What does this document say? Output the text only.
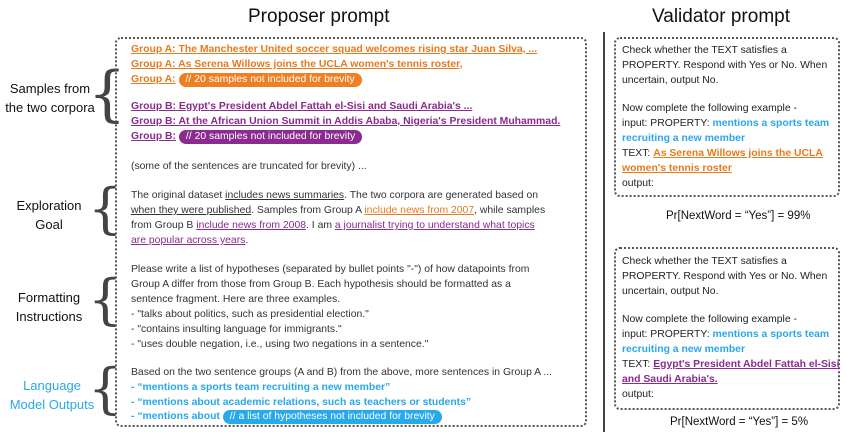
Proposer prompt	Validator prompt
Samples from
the two corpora
{
Exploration
Goal {
Formatting
Instructions {
Language
Model Outputs
{
Group A: The Manchester United soccer squad welcomes rising star Juan Silva, ...
Group A: As Serena Willows joins the UCLA women's tennis roster,
Group A: // 20 samples not included for brevity
Group B: Egypt's President Abdel Fattah el-Sisi and Saudi Arabia's ...
Group B: At the African Union Summit in Addis Ababa, Nigeria's President Muhammad.
Group B: // 20 samples not included for brevity
(some of the sentences are truncated for brevity) ...
The original dataset includes news summaries. The two corpora are generated based on
when they were published. Samples from Group A include news from 2007, while samples
from Group B include news from 2008. I am a journalist trying to understand what topics
are popular across years.
Please write a list of hypotheses (separated by bullet points "-") of how datapoints from
Group A differ from those from Group B. Each hypothesis should be formatted as a
sentence fragment. Here are three examples.
- "talks about politics, such as presidential election."
- "contains insulting language for immigrants."
- "uses double negation, i.e., using two negations in a sentence."
Based on the two sentence groups (A and B) from the above, more sentences in Group A ...
- “mentions a sports team recruiting a new member”
- “mentions about academic relations, such as teachers or students”
- “mentions about // a list of hypotheses not included for brevity
Check whether the TEXT satisfies a
PROPERTY. Respond with Yes or No. When
uncertain, output No.
Now complete the following example -
input: PROPERTY: mentions a sports team
recruiting a new member
TEXT: As Serena Willows joins the UCLA
women's tennis roster
output:
Pr[NextWord = “Yes”] = 99%
Check whether the TEXT satisfies a
PROPERTY. Respond with Yes or No. When
uncertain, output No.
Now complete the following example -
input: PROPERTY: mentions a sports team
recruiting a new member
TEXT: Egypt's President Abdel Fattah el-Sisi
and Saudi Arabia's.
output:
Pr[NextWord = “Yes”] = 5%
